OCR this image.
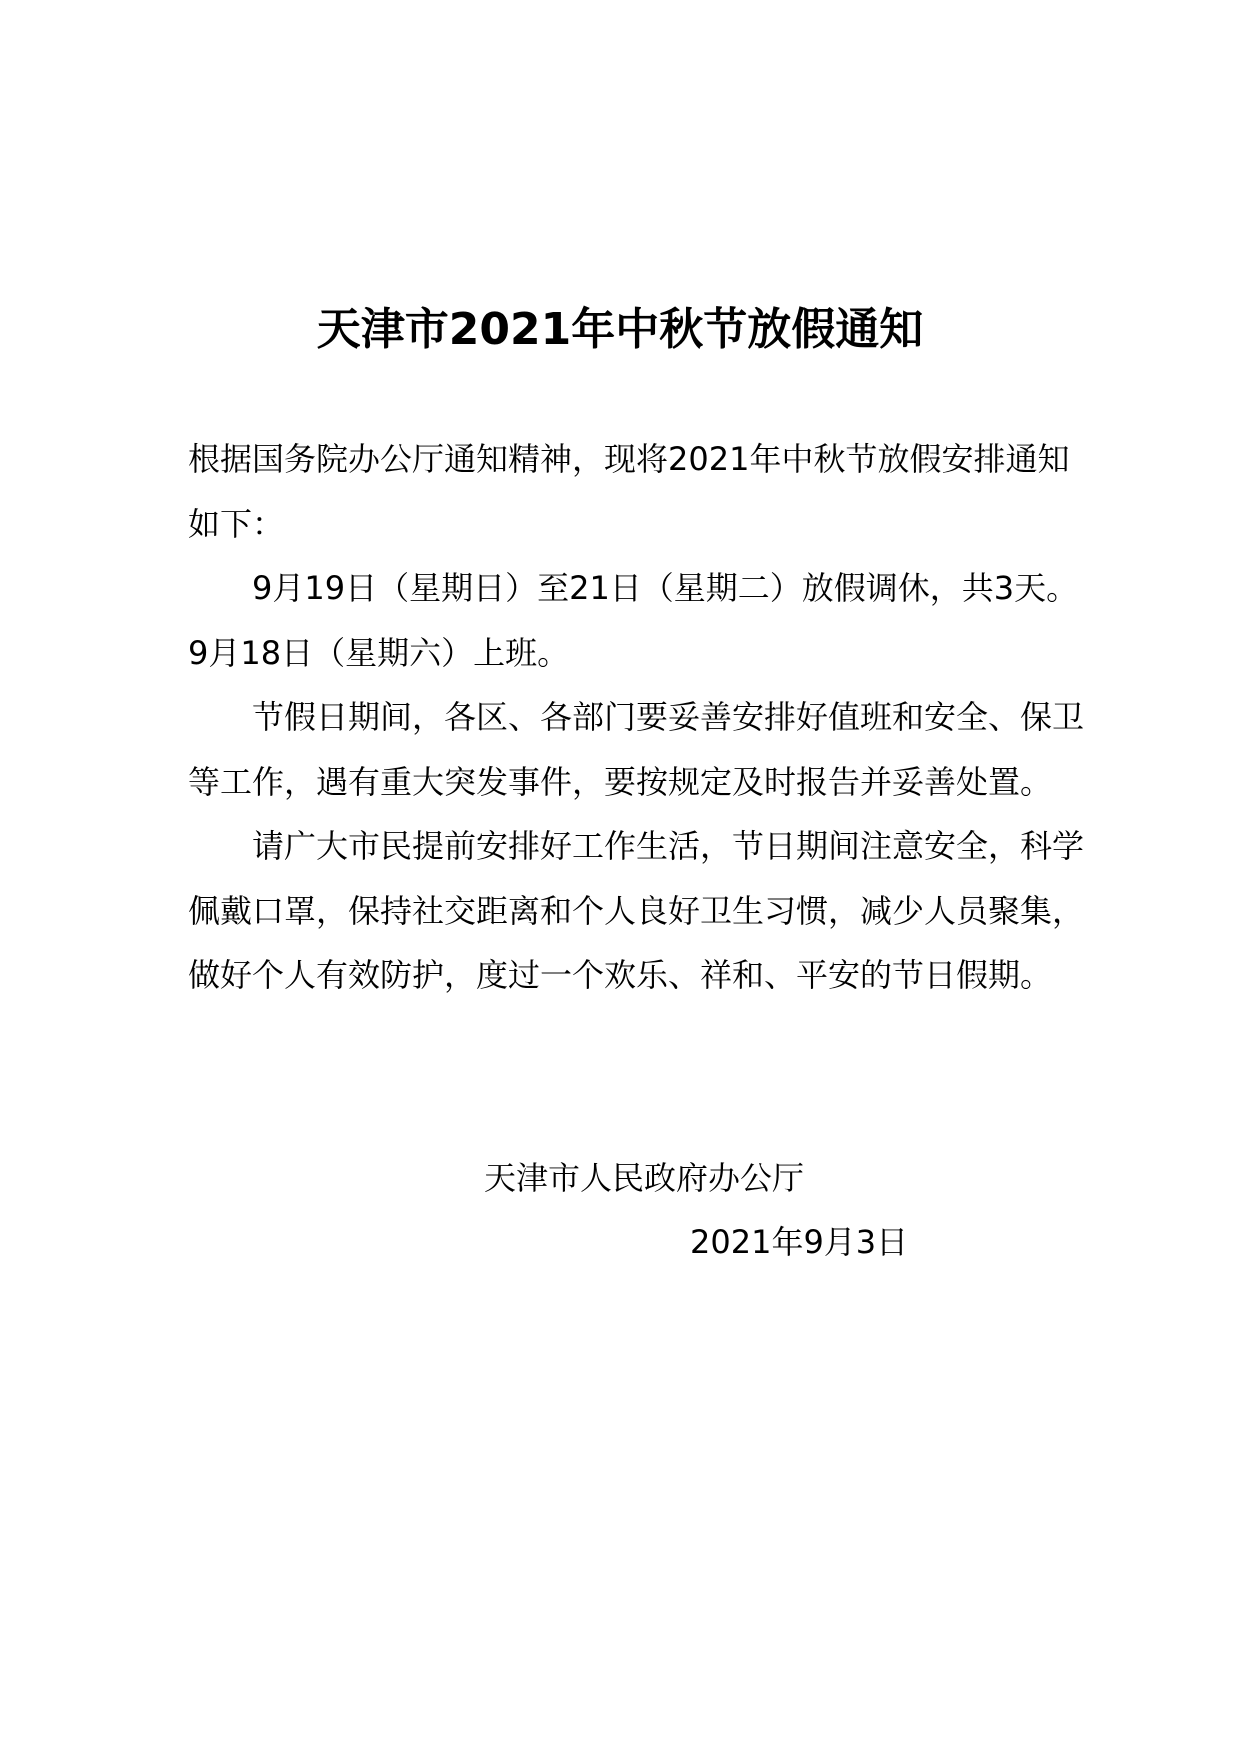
天津市2021年中秋节放假通知

根据国务院办公厅通知精神，现将2021年中秋节放假安排通知如下：

9月19日（星期日）至21日（星期二）放假调休，共3天。9月18日（星期六）上班。

节假日期间，各区、各部门要妥善安排好值班和安全、保卫等工作，遇有重大突发事件，要按规定及时报告并妥善处置。

请广大市民提前安排好工作生活，节日期间注意安全，科学佩戴口罩，保持社交距离和个人良好卫生习惯，减少人员聚集，做好个人有效防护，度过一个欢乐、祥和、平安的节日假期。

天津市人民政府办公厅
2021年9月3日
